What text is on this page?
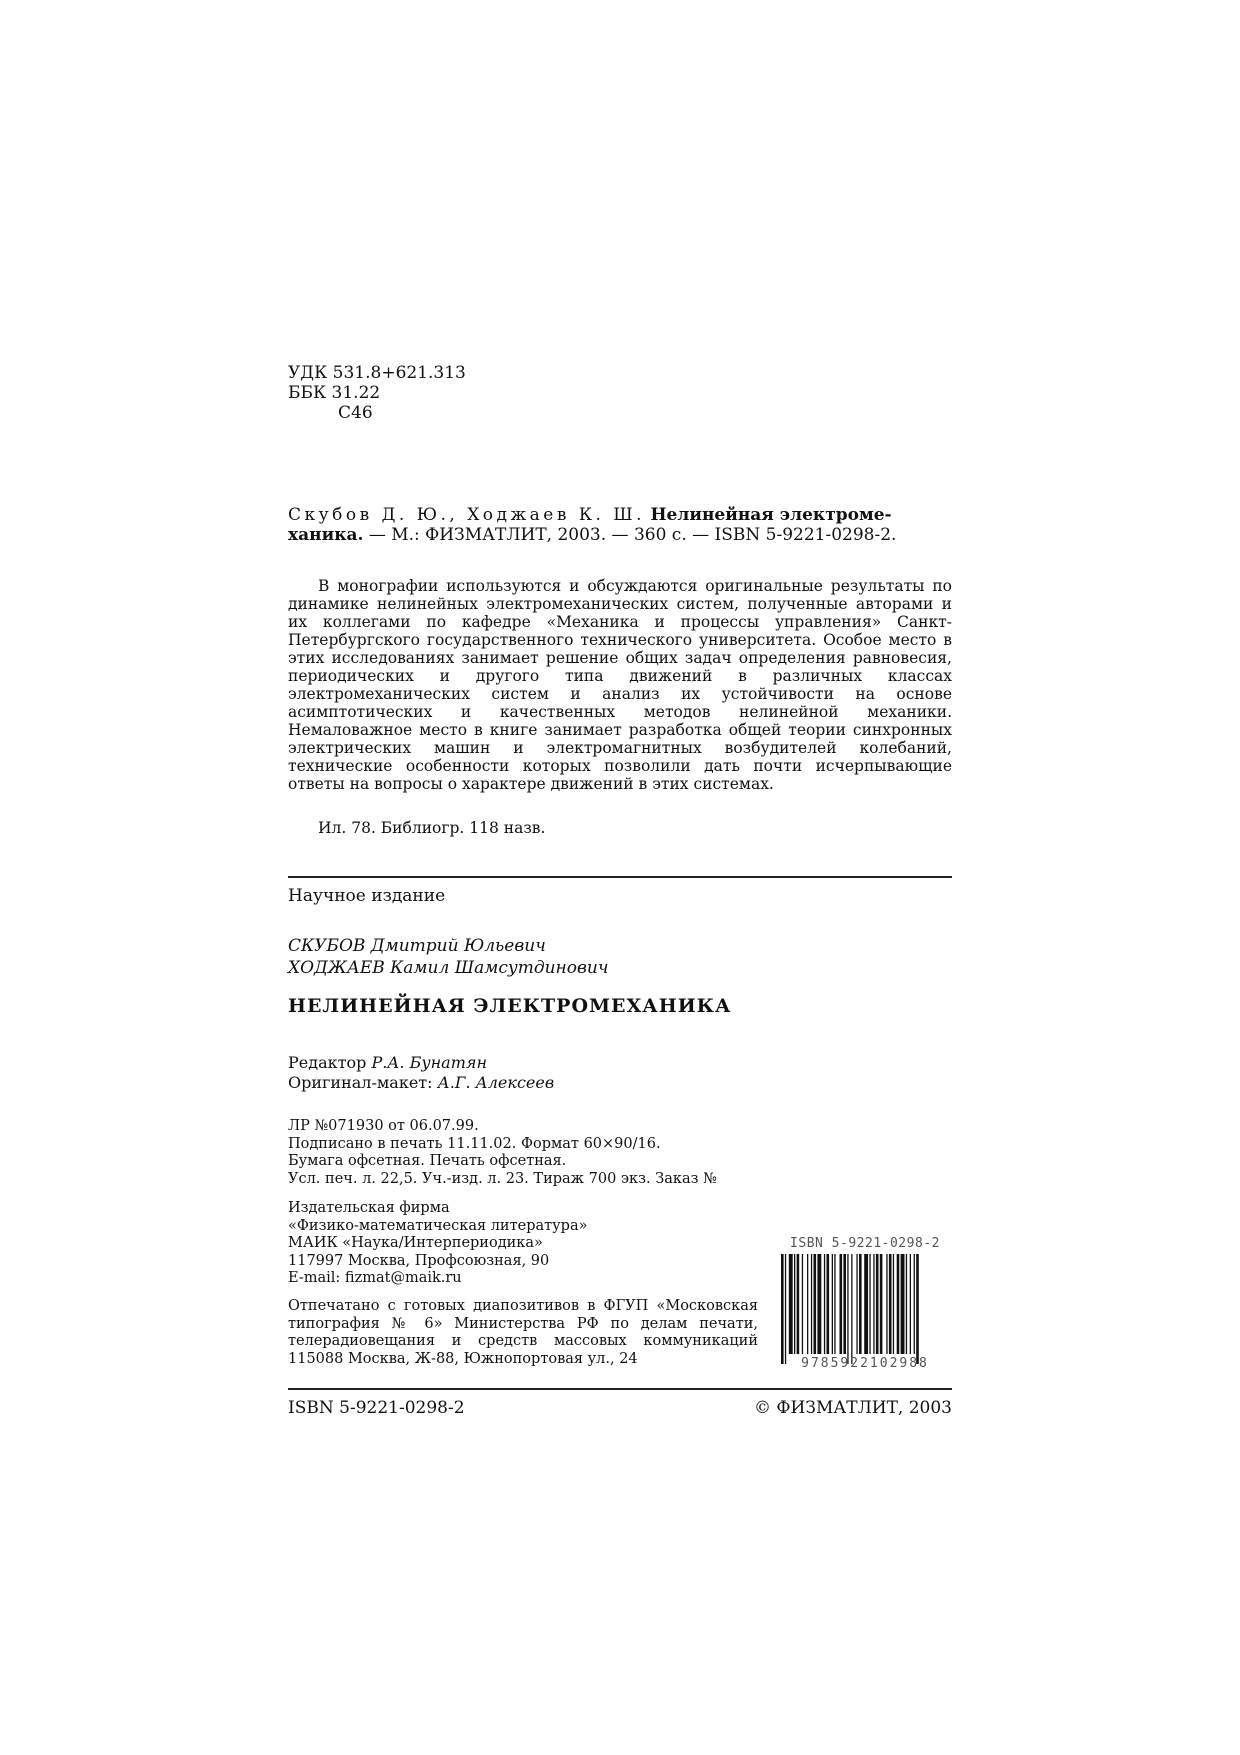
УДК 531.8+621.313
ББК 31.22
С46
Скубов Д. Ю., Ходжаев К. Ш. Нелинейная электроме-
ханика. — М.: ФИЗМАТЛИТ, 2003. — 360 с. — ISBN 5-9221-0298-2.

В монографии используются и обсуждаются оригинальные результаты по динамике нелинейных электромеханических систем, полученные авторами и их коллегами по кафедре «Механика и процессы управления» Санкт-Петербургского государственного технического университета. Особое место в этих исследованиях занимает решение общих задач определения равновесия, периодических и другого типа движений в различных классах электромеханических систем и анализ их устойчивости на основе асимптотических и качественных методов нелинейной механики. Немаловажное место в книге занимает разработка общей теории синхронных электрических машин и электромагнитных возбудителей колебаний, технические особенности которых позволили дать почти исчерпывающие ответы на вопросы о характере движений в этих системах.

Ил. 78. Библиогр. 118 назв.
Научное издание
СКУБОВ Дмитрий Юльевич
ХОДЖАЕВ Камил Шамсутдинович
НЕЛИНЕЙНАЯ ЭЛЕКТРОМЕХАНИКА
Редактор Р.А. Бунатян
Оригинал-макет: А.Г. Алексеев
ЛР №071930 от 06.07.99.
Подписано в печать 11.11.02. Формат 60×90/16.
Бумага офсетная. Печать офсетная.
Усл. печ. л. 22,5. Уч.-изд. л. 23. Тираж 700 экз. Заказ №
Издательская фирма
«Физико-математическая литература»
МАИК «Наука/Интерпериодика»
117997 Москва, Профсоюзная, 90
E-mail: fizmat@maik.ru
Отпечатано с готовых диапозитивов в ФГУП «Московская типография № 6» Министерства РФ по делам печати, телерадиовещания и средств массовых коммуникаций 115088 Москва, Ж-88, Южнопортовая ул., 24
ISBN 5-9221-0298-2
9785922102988
ISBN 5-9221-0298-2	© ФИЗМАТЛИТ, 2003
